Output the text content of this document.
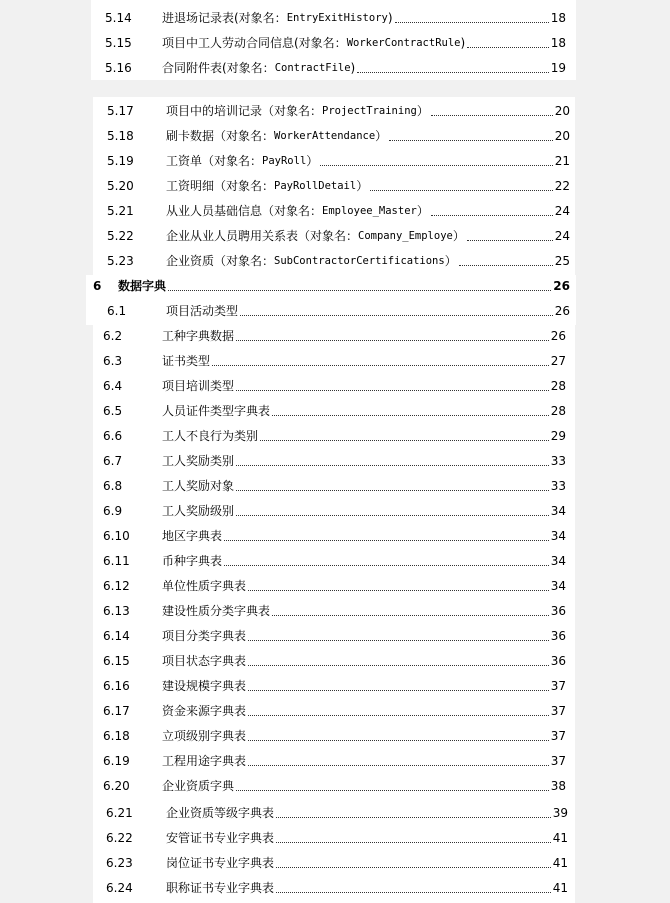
5.14	进退场记录表(对象名： EntryExitHistory )	18
5.15	项目中工人劳动合同信息(对象名： WorkerContractRule )	18
5.16	合同附件表(对象名： ContractFile )	19
5.17	项目中的培训记录（对象名： ProjectTraining ）	20
5.18	刷卡数据（对象名： WorkerAttendance ）	20
5.19	工资单（对象名： PayRoll ）	21
5.20	工资明细（对象名： PayRollDetail ）	22
5.21	从业人员基础信息（对象名： Employee_Master ）	24
5.22	企业从业人员聘用关系表（对象名： Company_Employe ）	24
5.23	企业资质（对象名： SubContractorCertifications ）	25
6 数据字典	26
6.1	项目活动类型	26
6.2	工种字典数据	26
6.3	证书类型	27
6.4	项目培训类型	28
6.5	人员证件类型字典表	28
6.6	工人不良行为类别	29
6.7	工人奖励类别	33
6.8	工人奖励对象	33
6.9	工人奖励级别	34
6.10	地区字典表	34
6.11	币种字典表	34
6.12	单位性质字典表	34
6.13	建设性质分类字典表	36
6.14	项目分类字典表	36
6.15	项目状态字典表	36
6.16	建设规模字典表	37
6.17	资金来源字典表	37
6.18	立项级别字典表	37
6.19	工程用途字典表	37
6.20	企业资质字典	38
6.21	企业资质等级字典表	39
6.22	安管证书专业字典表	41
6.23	岗位证书专业字典表	41
6.24	职称证书专业字典表	41
